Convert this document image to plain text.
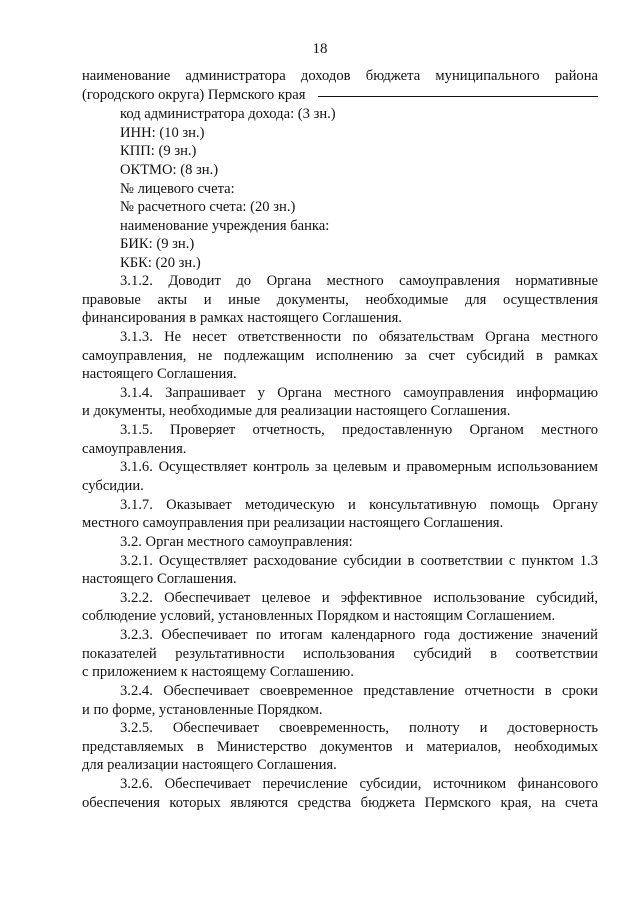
18
наименование администратора доходов бюджета муниципального района
(городского округа) Пермского края
код администратора дохода: (3 зн.)
ИНН: (10 зн.)
КПП: (9 зн.)
ОКТМО: (8 зн.)
№ лицевого счета:
№ расчетного счета: (20 зн.)
наименование учреждения банка:
БИК: (9 зн.)
КБК: (20 зн.)
3.1.2. Доводит до Органа местного самоуправления нормативные
правовые акты и иные документы, необходимые для осуществления
финансирования в рамках настоящего Соглашения.
3.1.3. Не несет ответственности по обязательствам Органа местного
самоуправления, не подлежащим исполнению за счет субсидий в рамках
настоящего Соглашения.
3.1.4. Запрашивает у Органа местного самоуправления информацию
и документы, необходимые для реализации настоящего Соглашения.
3.1.5. Проверяет отчетность, предоставленную Органом местного
самоуправления.
3.1.6. Осуществляет контроль за целевым и правомерным использованием
субсидии.
3.1.7. Оказывает методическую и консультативную помощь Органу
местного самоуправления при реализации настоящего Соглашения.
3.2. Орган местного самоуправления:
3.2.1. Осуществляет расходование субсидии в соответствии с пунктом 1.3
настоящего Соглашения.
3.2.2. Обеспечивает целевое и эффективное использование субсидий,
соблюдение условий, установленных Порядком и настоящим Соглашением.
3.2.3. Обеспечивает по итогам календарного года достижение значений
показателей результативности использования субсидий в соответствии
с приложением к настоящему Соглашению.
3.2.4. Обеспечивает своевременное представление отчетности в сроки
и по форме, установленные Порядком.
3.2.5. Обеспечивает своевременность, полноту и достоверность
представляемых в Министерство документов и материалов, необходимых
для реализации настоящего Соглашения.
3.2.6. Обеспечивает перечисление субсидии, источником финансового
обеспечения которых являются средства бюджета Пермского края, на счета
